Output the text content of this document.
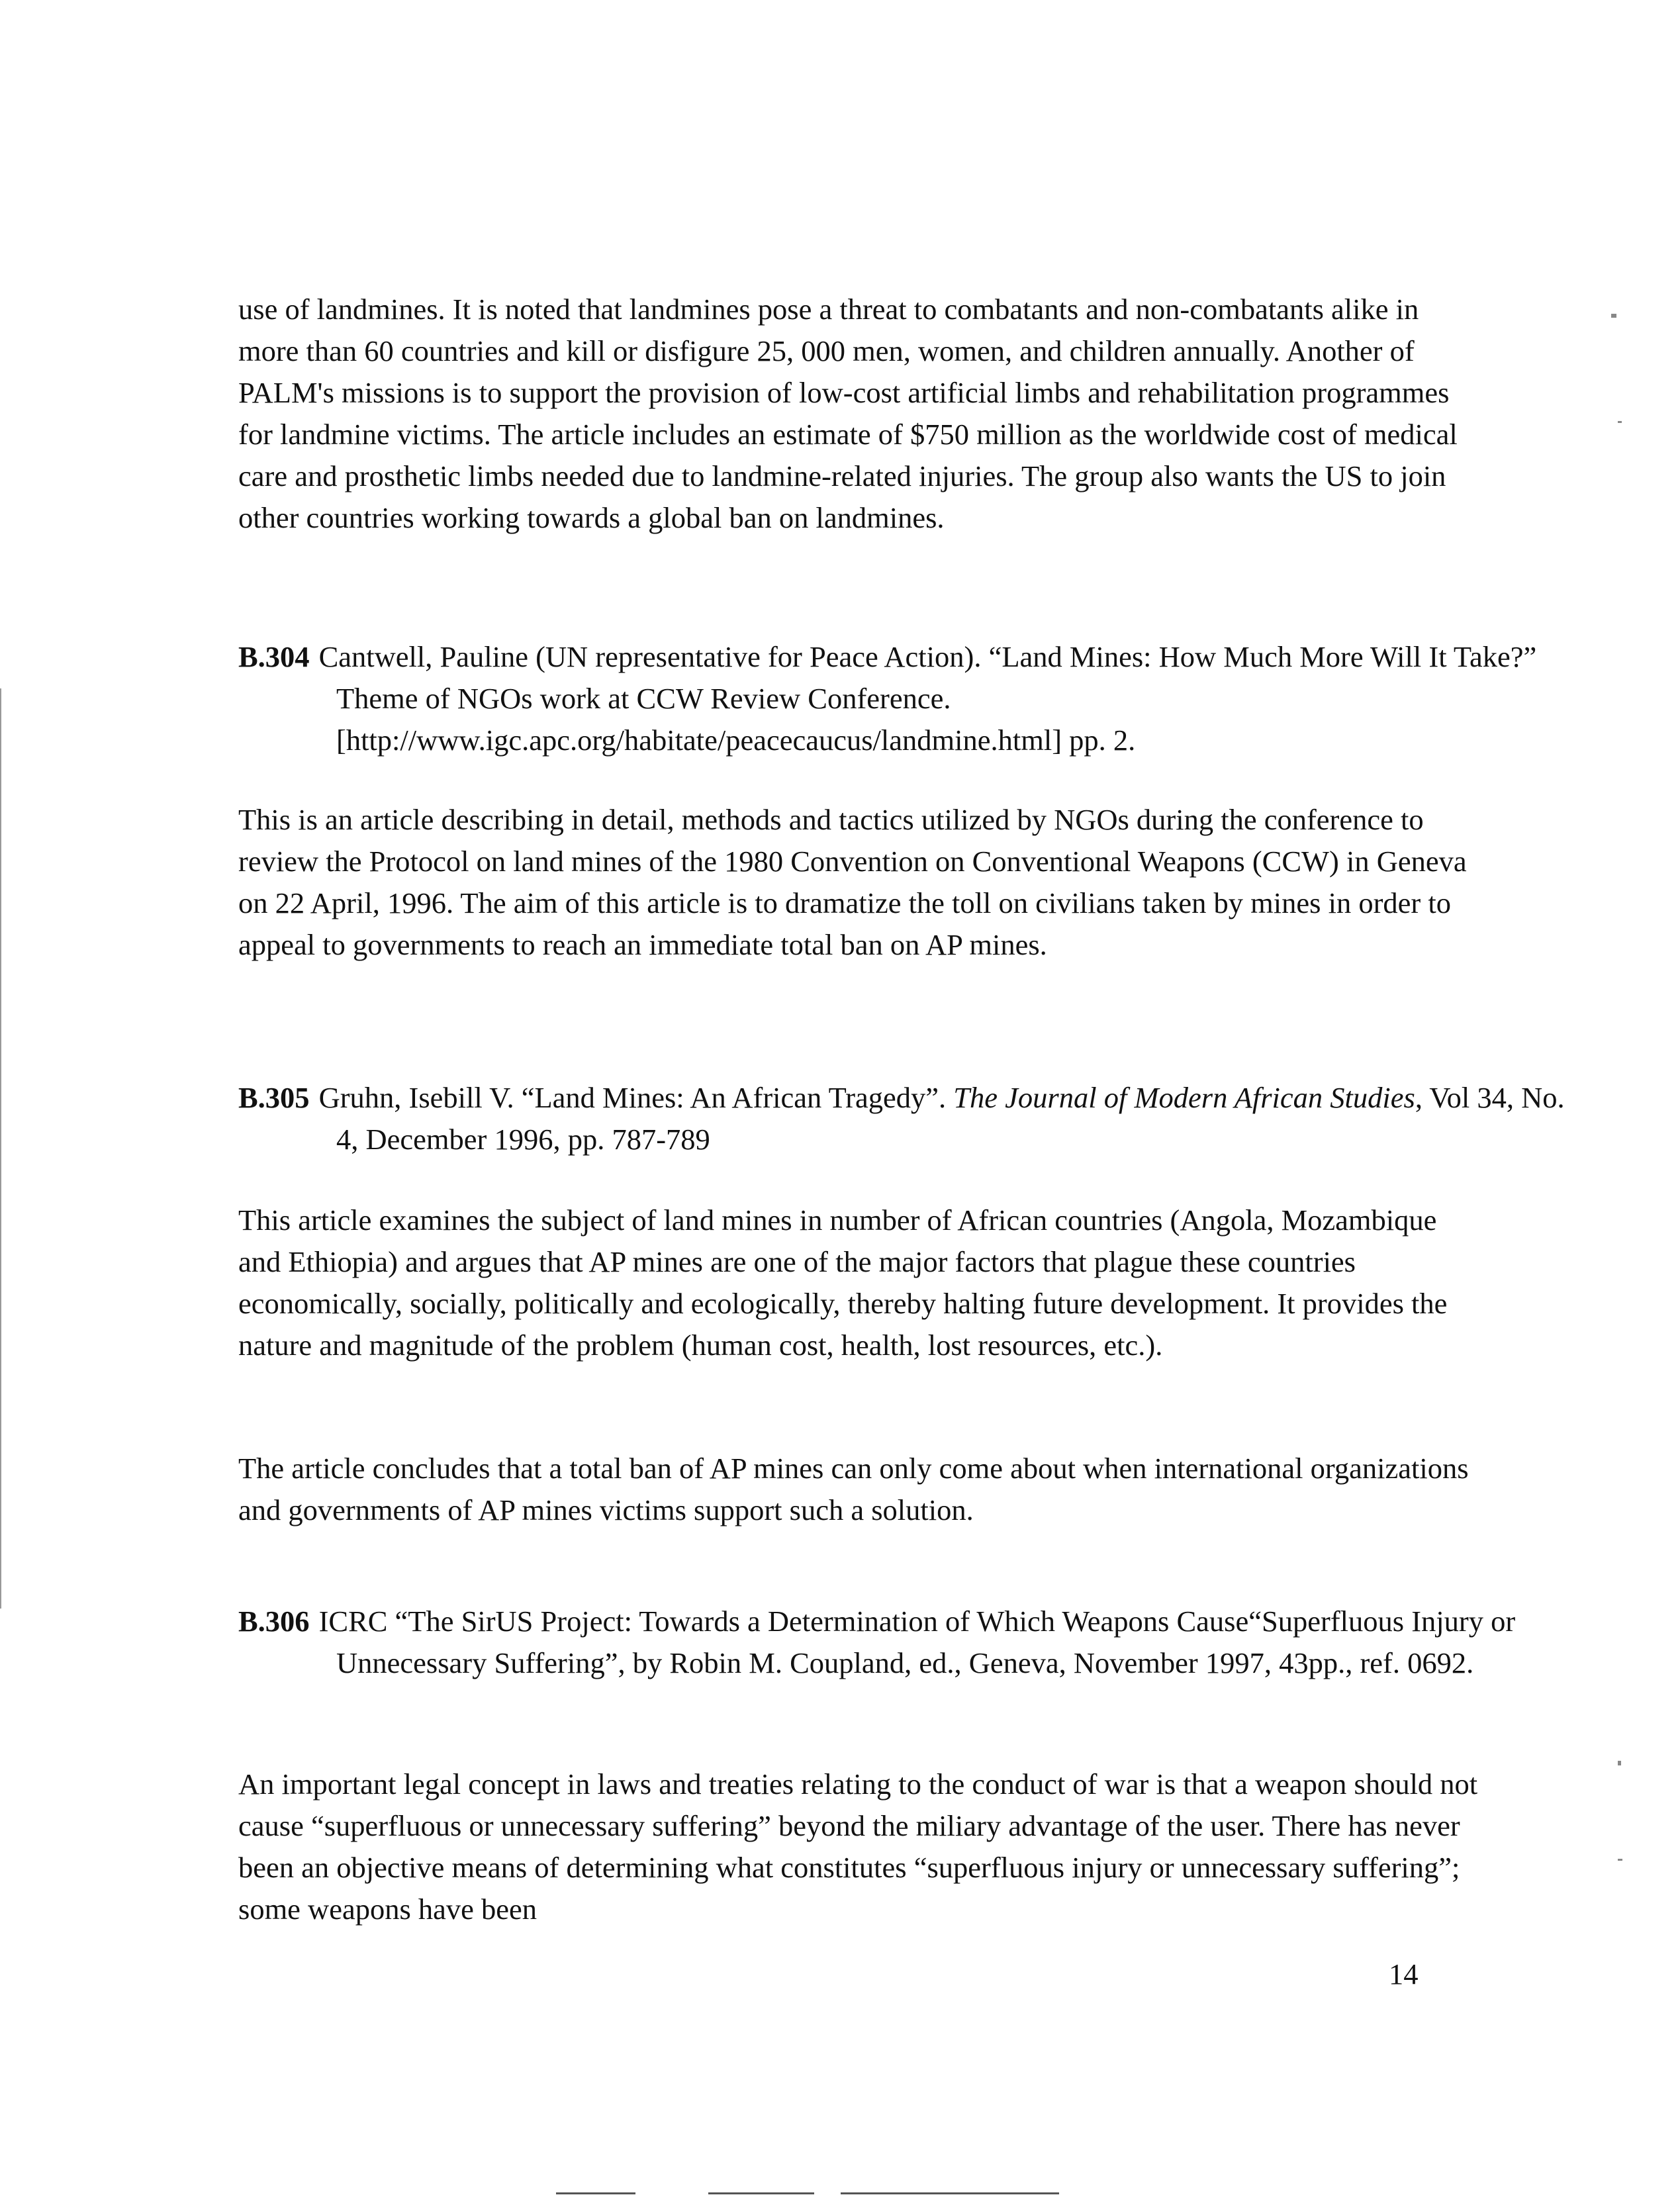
use of landmines. It is noted that landmines pose a threat to combatants and non-combatants alike in more than 60 countries and kill or disfigure 25, 000 men, women, and children annually. Another of PALM's missions is to support the provision of low-cost artificial limbs and rehabilitation programmes for landmine victims. The article includes an estimate of $750 million as the worldwide cost of medical care and prosthetic limbs needed due to landmine-related injuries. The group also wants the US to join other countries working towards a global ban on landmines.

B.304 Cantwell, Pauline (UN representative for Peace Action). “Land Mines: How Much More Will It Take?” Theme of NGOs work at CCW Review Conference. [http://www.igc.apc.org/habitate/peacecaucus/landmine.html] pp. 2.

This is an article describing in detail, methods and tactics utilized by NGOs during the conference to review the Protocol on land mines of the 1980 Convention on Conventional Weapons (CCW) in Geneva on 22 April, 1996. The aim of this article is to dramatize the toll on civilians taken by mines in order to appeal to governments to reach an immediate total ban on AP mines.

B.305 Gruhn, Isebill V. “Land Mines: An African Tragedy”. The Journal of Modern African Studies, Vol 34, No. 4, December 1996, pp. 787-789

This article examines the subject of land mines in number of African countries (Angola, Mozambique and Ethiopia) and argues that AP mines are one of the major factors that plague these countries economically, socially, politically and ecologically, thereby halting future development. It provides the nature and magnitude of the problem (human cost, health, lost resources, etc.).

The article concludes that a total ban of AP mines can only come about when international organizations and governments of AP mines victims support such a solution.

B.306 ICRC “The SirUS Project: Towards a Determination of Which Weapons Cause“Superfluous Injury or Unnecessary Suffering”, by Robin M. Coupland, ed., Geneva, November 1997, 43pp., ref. 0692.

An important legal concept in laws and treaties relating to the conduct of war is that a weapon should not cause “superfluous or unnecessary suffering” beyond the miliary advantage of the user. There has never been an objective means of determining what constitutes “superfluous injury or unnecessary suffering”; some weapons have been

14
